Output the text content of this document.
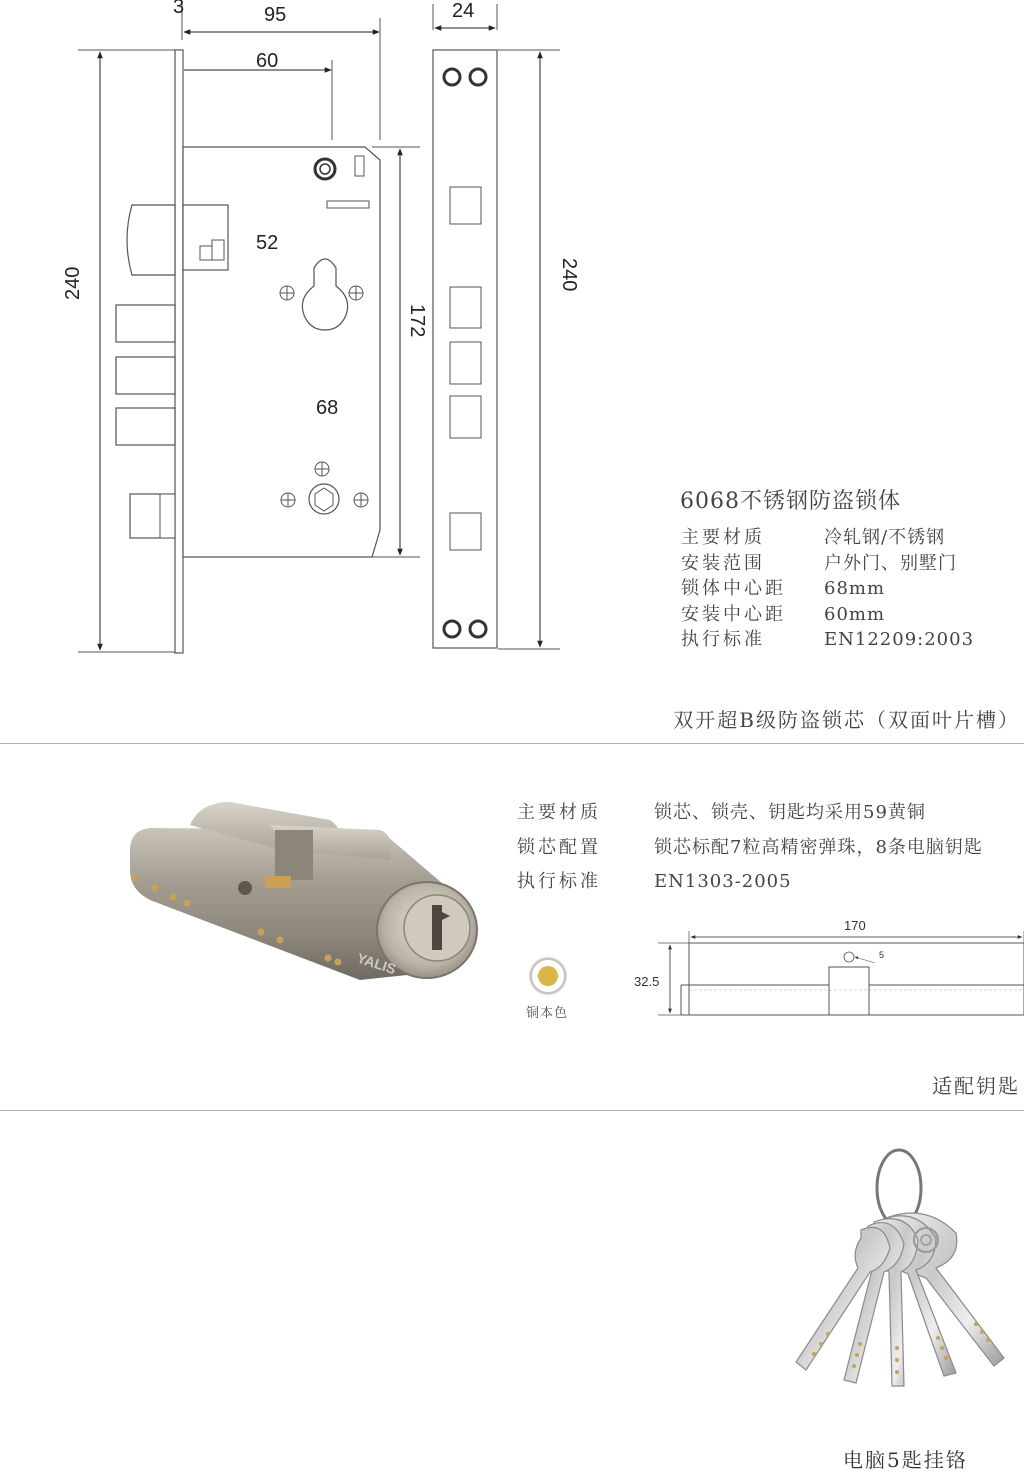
3	95
60
24
240	240
172
52
68
6068不锈钢防盗锁体
主要材质	冷轧钢/不锈钢
安装范围	户外门、别墅门
锁体中心距	68mm
安装中心距	60mm
执行标准	EN12209:2003
双开超B级防盗锁芯（双面叶片槽）
YALIS
铜本色
主要材质	锁芯、锁壳、钥匙均采用59黄铜
锁芯配置	锁芯标配7粒高精密弹珠，8条电脑钥匙
执行标准	EN1303-2005
170
32.5
5
适配钥匙
电脑5匙挂铬
